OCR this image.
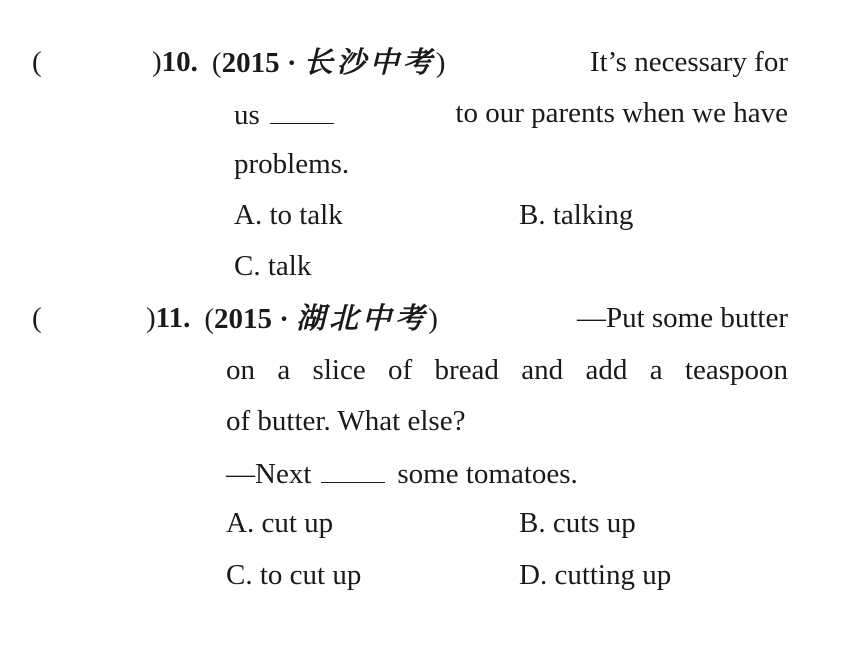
(	)10. (2015 · 长沙中考)	It’s necessary for
us	to our parents when we have
problems.
A. to talk	B. talking
C. talk
(	)11. (2015 · 湖北中考)	—Put some butter
on a slice of bread and add a teaspoon
of butter. What else?
—Next	some tomatoes.
A. cut up	B. cuts up
C. to cut up	D. cutting up
